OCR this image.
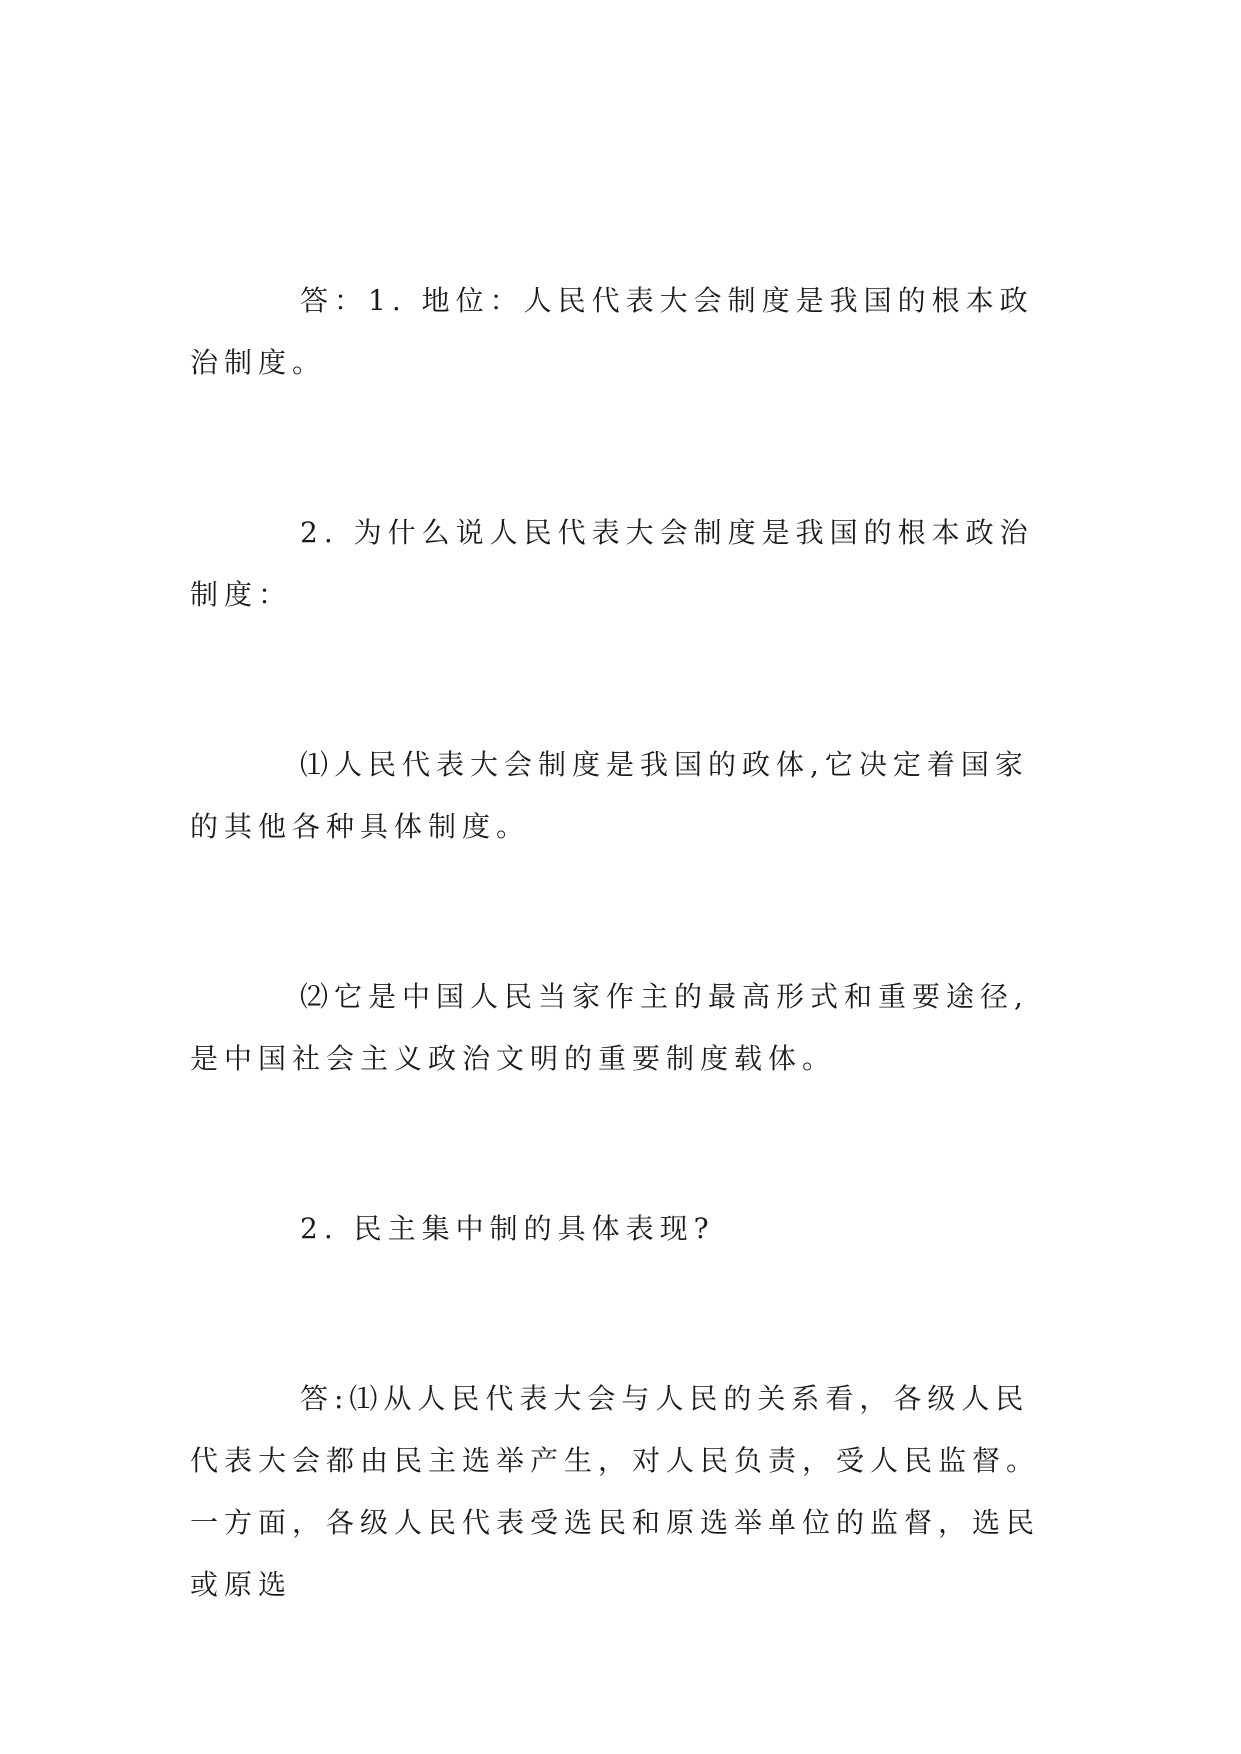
答：1. 地位：人民代表大会制度是我国的根本政治制度。

2. 为什么说人民代表大会制度是我国的根本政治制度：

⑴人民代表大会制度是我国的政体,它决定着国家的其他各种具体制度。

⑵它是中国人民当家作主的最高形式和重要途径,是中国社会主义政治文明的重要制度载体。

2. 民主集中制的具体表现?

答:⑴从人民代表大会与人民的关系看，各级人民代表大会都由民主选举产生，对人民负责，受人民监督。一方面，各级人民代表受选民和原选举单位的监督，选民或原选
